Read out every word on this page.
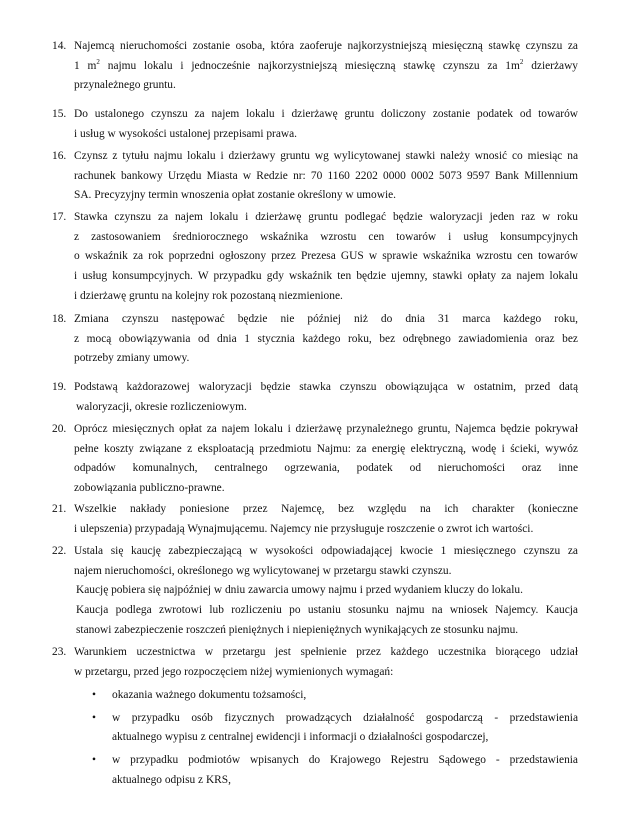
14. Najemcą nieruchomości zostanie osoba, która zaoferuje najkorzystniejszą miesięczną stawkę czynszu za
1 $m^2$ najmu lokalu i jednocześnie najkorzystniejszą miesięczną stawkę czynszu za $1m^2$ dzierżawy
przynależnego gruntu.
15. Do ustalonego czynszu za najem lokalu i dzierżawę gruntu doliczony zostanie podatek od towarów
i usług w wysokości ustalonej przepisami prawa.
16. Czynsz z tytułu najmu lokalu i dzierżawy gruntu wg wylicytowanej stawki należy wnosić co miesiąc na
rachunek bankowy Urzędu Miasta w Redzie nr: 70 1160 2202 0000 0002 5073 9597 Bank Millennium
SA. Precyzyjny termin wnoszenia opłat zostanie określony w umowie.
17. Stawka czynszu za najem lokalu i dzierżawę gruntu podlegać będzie waloryzacji jeden raz w roku
z zastosowaniem średniorocznego wskaźnika wzrostu cen towarów i usług konsumpcyjnych
o wskaźnik za rok poprzedni ogłoszony przez Prezesa GUS w sprawie wskaźnika wzrostu cen towarów
i usług konsumpcyjnych. W przypadku gdy wskaźnik ten będzie ujemny, stawki opłaty za najem lokalu
i dzierżawę gruntu na kolejny rok pozostaną niezmienione.
18. Zmiana czynszu następować będzie nie później niż do dnia 31 marca każdego roku,
z mocą obowiązywania od dnia 1 stycznia każdego roku, bez odrębnego zawiadomienia oraz bez
potrzeby zmiany umowy.
19. Podstawą każdorazowej waloryzacji będzie stawka czynszu obowiązująca w ostatnim, przed datą
waloryzacji, okresie rozliczeniowym.
20. Oprócz miesięcznych opłat za najem lokalu i dzierżawę przynależnego gruntu, Najemca będzie pokrywał
pełne koszty związane z eksploatacją przedmiotu Najmu: za energię elektryczną, wodę i ścieki, wywóz
odpadów komunalnych, centralnego ogrzewania, podatek od nieruchomości oraz inne
zobowiązania publiczno-prawne.
21. Wszelkie nakłady poniesione przez Najemcę, bez względu na ich charakter (konieczne
i ulepszenia) przypadają Wynajmującemu. Najemcy nie przysługuje roszczenie o zwrot ich wartości.
22. Ustala się kaucję zabezpieczającą w wysokości odpowiadającej kwocie 1 miesięcznego czynszu za
najem nieruchomości, określonego wg wylicytowanej w przetargu stawki czynszu.
Kaucję pobiera się najpóźniej w dniu zawarcia umowy najmu i przed wydaniem kluczy do lokalu.
Kaucja podlega zwrotowi lub rozliczeniu po ustaniu stosunku najmu na wniosek Najemcy. Kaucja
stanowi zabezpieczenie roszczeń pieniężnych i niepieniężnych wynikających ze stosunku najmu.
23. Warunkiem uczestnictwa w przetargu jest spełnienie przez każdego uczestnika biorącego udział
w przetargu, przed jego rozpoczęciem niżej wymienionych wymagań:
• okazania ważnego dokumentu tożsamości,
• w przypadku osób fizycznych prowadzących działalność gospodarczą - przedstawienia
aktualnego wypisu z centralnej ewidencji i informacji o działalności gospodarczej,
• w przypadku podmiotów wpisanych do Krajowego Rejestru Sądowego - przedstawienia
aktualnego odpisu z KRS,
